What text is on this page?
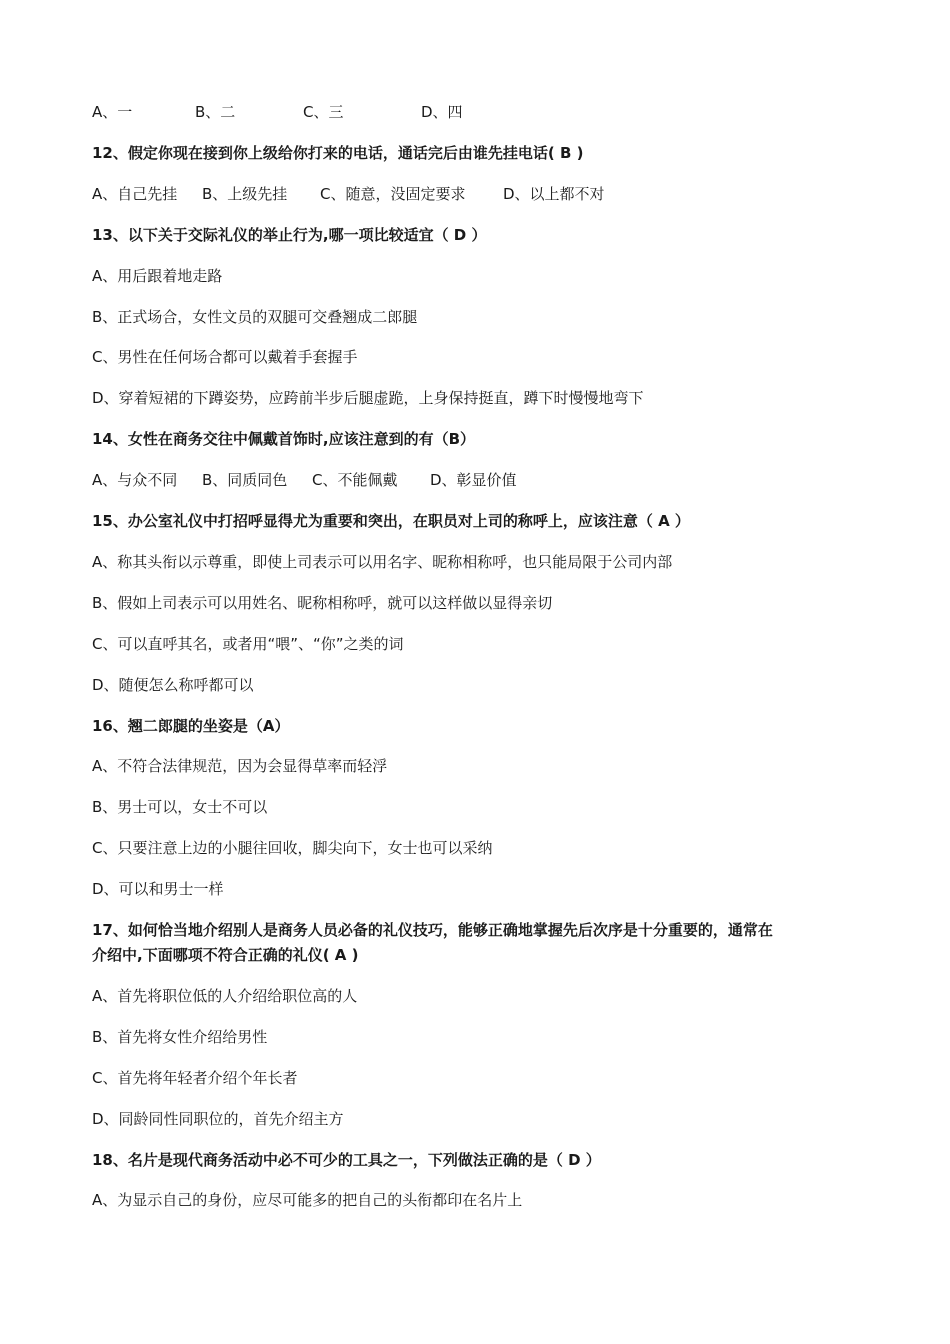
A、一	B、二	C、三	D、四
12、假定你现在接到你上级给你打来的电话，通话完后由谁先挂电话( B )
A、自己先挂 B、上级先挂 C、随意，没固定要求	D、以上都不对
13、以下关于交际礼仪的举止行为,哪一项比较适宜（ D ）
A、用后跟着地走路
B、正式场合，女性文员的双腿可交叠翘成二郎腿
C、男性在任何场合都可以戴着手套握手
D、穿着短裙的下蹲姿势，应跨前半步后腿虚跪，上身保持挺直，蹲下时慢慢地弯下
14、女性在商务交往中佩戴首饰时,应该注意到的有（B）
A、与众不同 B、同质同色 C、不能佩戴 D、彰显价值
15、办公室礼仪中打招呼显得尤为重要和突出，在职员对上司的称呼上，应该注意（ A ）
A、称其头衔以示尊重，即使上司表示可以用名字、昵称相称呼，也只能局限于公司内部
B、假如上司表示可以用姓名、昵称相称呼，就可以这样做以显得亲切
C、可以直呼其名，或者用“喂”、“你”之类的词
D、随便怎么称呼都可以
16、翘二郎腿的坐姿是（A）
A、不符合法律规范，因为会显得草率而轻浮
B、男士可以，女士不可以
C、只要注意上边的小腿往回收，脚尖向下，女士也可以采纳
D、可以和男士一样
17、如何恰当地介绍别人是商务人员必备的礼仪技巧，能够正确地掌握先后次序是十分重要的，通常在
介绍中,下面哪项不符合正确的礼仪( A )
A、首先将职位低的人介绍给职位高的人
B、首先将女性介绍给男性
C、首先将年轻者介绍个年长者
D、同龄同性同职位的，首先介绍主方
18、名片是现代商务活动中必不可少的工具之一，下列做法正确的是（ D ）
A、为显示自己的身份，应尽可能多的把自己的头衔都印在名片上
